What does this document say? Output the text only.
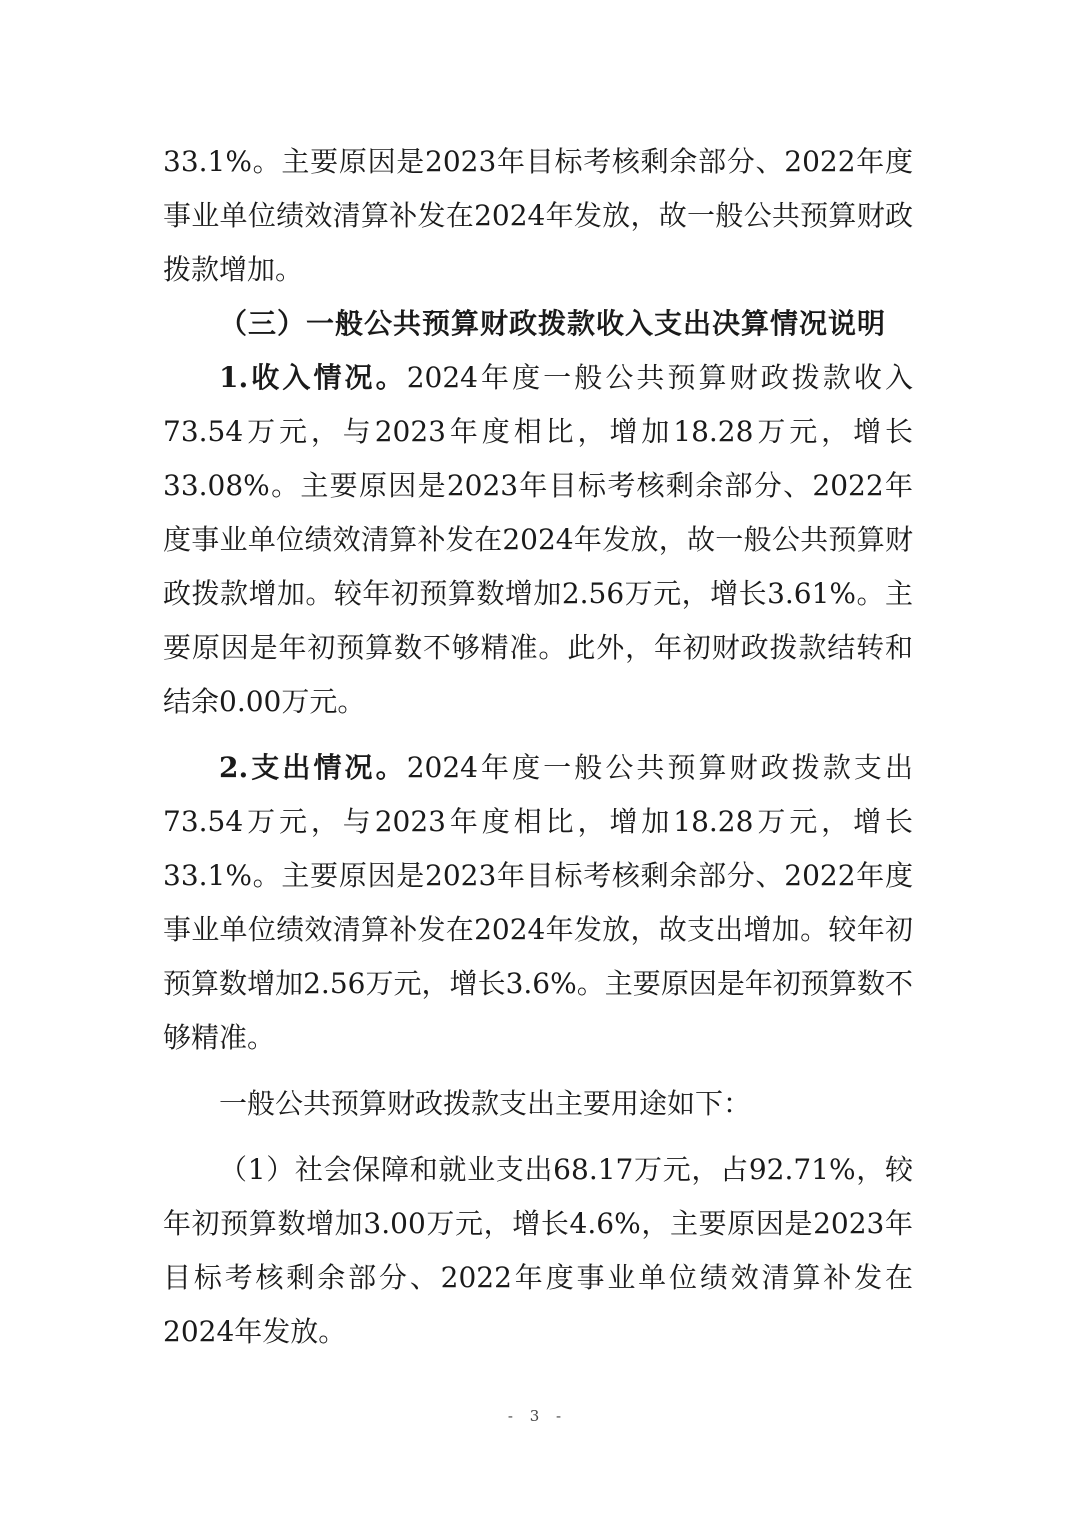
33.1%。主要原因是2023年目标考核剩余部分、2022年度事业单位绩效清算补发在2024年发放，故一般公共预算财政拨款增加。

（三）一般公共预算财政拨款收入支出决算情况说明

1.收入情况。2024年度一般公共预算财政拨款收入73.54万元，与2023年度相比，增加18.28万元，增长33.08%。主要原因是2023年目标考核剩余部分、2022年度事业单位绩效清算补发在2024年发放，故一般公共预算财政拨款增加。较年初预算数增加2.56万元，增长3.61%。主要原因是年初预算数不够精准。此外，年初财政拨款结转和结余0.00万元。

2.支出情况。2024年度一般公共预算财政拨款支出73.54万元，与2023年度相比，增加18.28万元，增长33.1%。主要原因是2023年目标考核剩余部分、2022年度事业单位绩效清算补发在2024年发放，故支出增加。较年初预算数增加2.56万元，增长3.6%。主要原因是年初预算数不够精准。

一般公共预算财政拨款支出主要用途如下：

（1）社会保障和就业支出68.17万元，占92.71%，较年初预算数增加3.00万元，增长4.6%，主要原因是2023年目标考核剩余部分、2022年度事业单位绩效清算补发在2024年发放。

- 3 -
